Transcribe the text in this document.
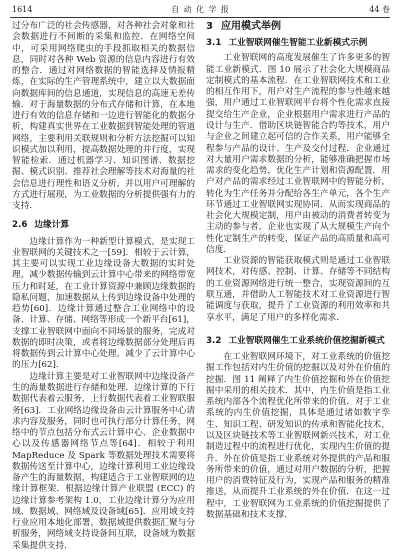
1614	自动化学报	44 卷

过分布广泛的社会传感器，对各种社会对象和社会数据进行不间断的采集和监控．在网络空间中，可采用网络爬虫的手段抓取相关的数据信息，同时对各种 Web 资源的信息内容进行有效的整合．通过对网络数据的智能选择及情报精炼，在实际的生产管理系统中，建立以大数据面向数据库间的信息通道，实现信息的高速无差传输．对于海量数据的分布式存储和计算，在本地进行有效的信息存储和一边进行智能化的数据分析，构建真实世界在工业数据到智能处理的管道网络，主要利用关联规则和分析方法挖掘可以知识模式加以利用，提高数据处理的并行度，实现智能检索．通过机器学习、知识图谱、数据挖掘、模式识别、推荐社会理解等技术对海量的社会信息进行理性和语义分析，并以用户可理解的方式进行展现，为工业数据的分析提供强有力的支持．

2.6 边缘计算

边缘计算作为一种新型计算模式，是实现工业智联网的关键技术之一[59]．相较于云计算，其主要可以实现工业边缘设备大数据的实时处理，减少数据传输到云计算中心带来的网络带宽压力和时延，在工业计算资源中兼顾边缘数据的隐私问题，加速数据从上传到边缘设备中处理的趋势[60]．边缘计算通过整合工业网络中的设备、计算、存储、网络等形成一个新平台[61]，支撑工业智联网中面向不同场景的服务，完成对数据的即时决策，或者将边缘数据部分处理后再将数据传到云计算中心处理，减少了云计算中心的压力[62]．

边缘计算主要是对工业智联网中边缘设备产生的海量数据进行存储和处理．边缘计算的下行数据代表着云服务，上行数据代表着工业智联服务[63]．工业网络边缘设备由云计算服务中心请求内容及服务，同时也可执行部分计算任务，网络中的节点包括分布式云计算中心、企业数据中心以及传感器网络节点等[64]．相较于利用 MapReduce 及 Spark 等数据处理技术需要将数据传送至计算中心，边缘计算利用工业边缘设备产生的海量数据，构建适合于工业智联网的边缘计算框架．根据边缘计算产业联盟 (ECC) 的边缘计算参考架构 1.0，工业边缘计算分为应用域、数据域、网络域及设备域[65]．应用域支持行业应用本地化部署，数据域提供数据汇聚与分析服务，网络域支持设备间互联，设备域为数据采集提供支持．

3 应用模式举例
3.1 工业智联网催生智能工业新模式示例

工业智联网的高度发展催生了许多更多的智能工业新模式．图 10 展示了社会化大规模商品定制模式的基本流程．在工业智联网技术和工业的相互作用下，用户对生产流程的参与性越来越强，用户通过工业智联网平台将个性化需求直接提交给生产企业，企业根据用户需求进行产品的设计与生产．借助区块链智能合约等技术，用户与企业之间建立起可信的合作关系，用户能够全程参与产品的设计、生产及交付过程．企业通过对大量用户需求数据的分析，能够准确把握市场需求的变化趋势，优化生产计划和资源配置．用户对产品的需求经过工业智联网中的智能分析，转化为生产任务并分配给各生产单元，各个生产环节通过工业智联网实现协同．从而实现商品的社会化大规模定制，用户由被动的消费者转变为主动的参与者，企业也实现了从大规模生产向个性化定制生产的转变，保证产品的高质量和高可信度．

工业资源的智能获取模式则是通过工业智联网技术，对传感、控制、计算、存储等不同结构的工业资源网络进行统一整合，实现资源间的互联互通，并借助人工智能技术对工业资源进行智能调度与获取，提升了工业资源的利用效率和共享水平，满足了用户的多样化需求．

3.2 工业智联网催生工业系统价值挖掘新模式

在工业智联网环境下，对工业系统的价值挖掘工作包括对内生价值的挖掘以及对外在价值的挖掘．图 11 阐释了内生价值挖掘和外在价值挖掘中采用的相关技术．其中，内生价值是指工业系统内部各个流程优化所带来的价值．对于工业系统的内生价值挖掘，具体是通过诸如数字孪生、知识工程、研发知识的传承和智能化技术，以及区块链技术等工业智联网新兴技术，对工业制造过程中的流程进行优化，实现内生价值的提升．外在价值是指工业系统对外提供的产品和服务所带来的价值，通过对用户数据的分析，把握用户的消费特征及行为，实现产品和服务的精准推送，从而提升工业系统的外在价值．在这一过程中，工业智联网为工业系统的价值挖掘提供了数据基础和技术支撑．
